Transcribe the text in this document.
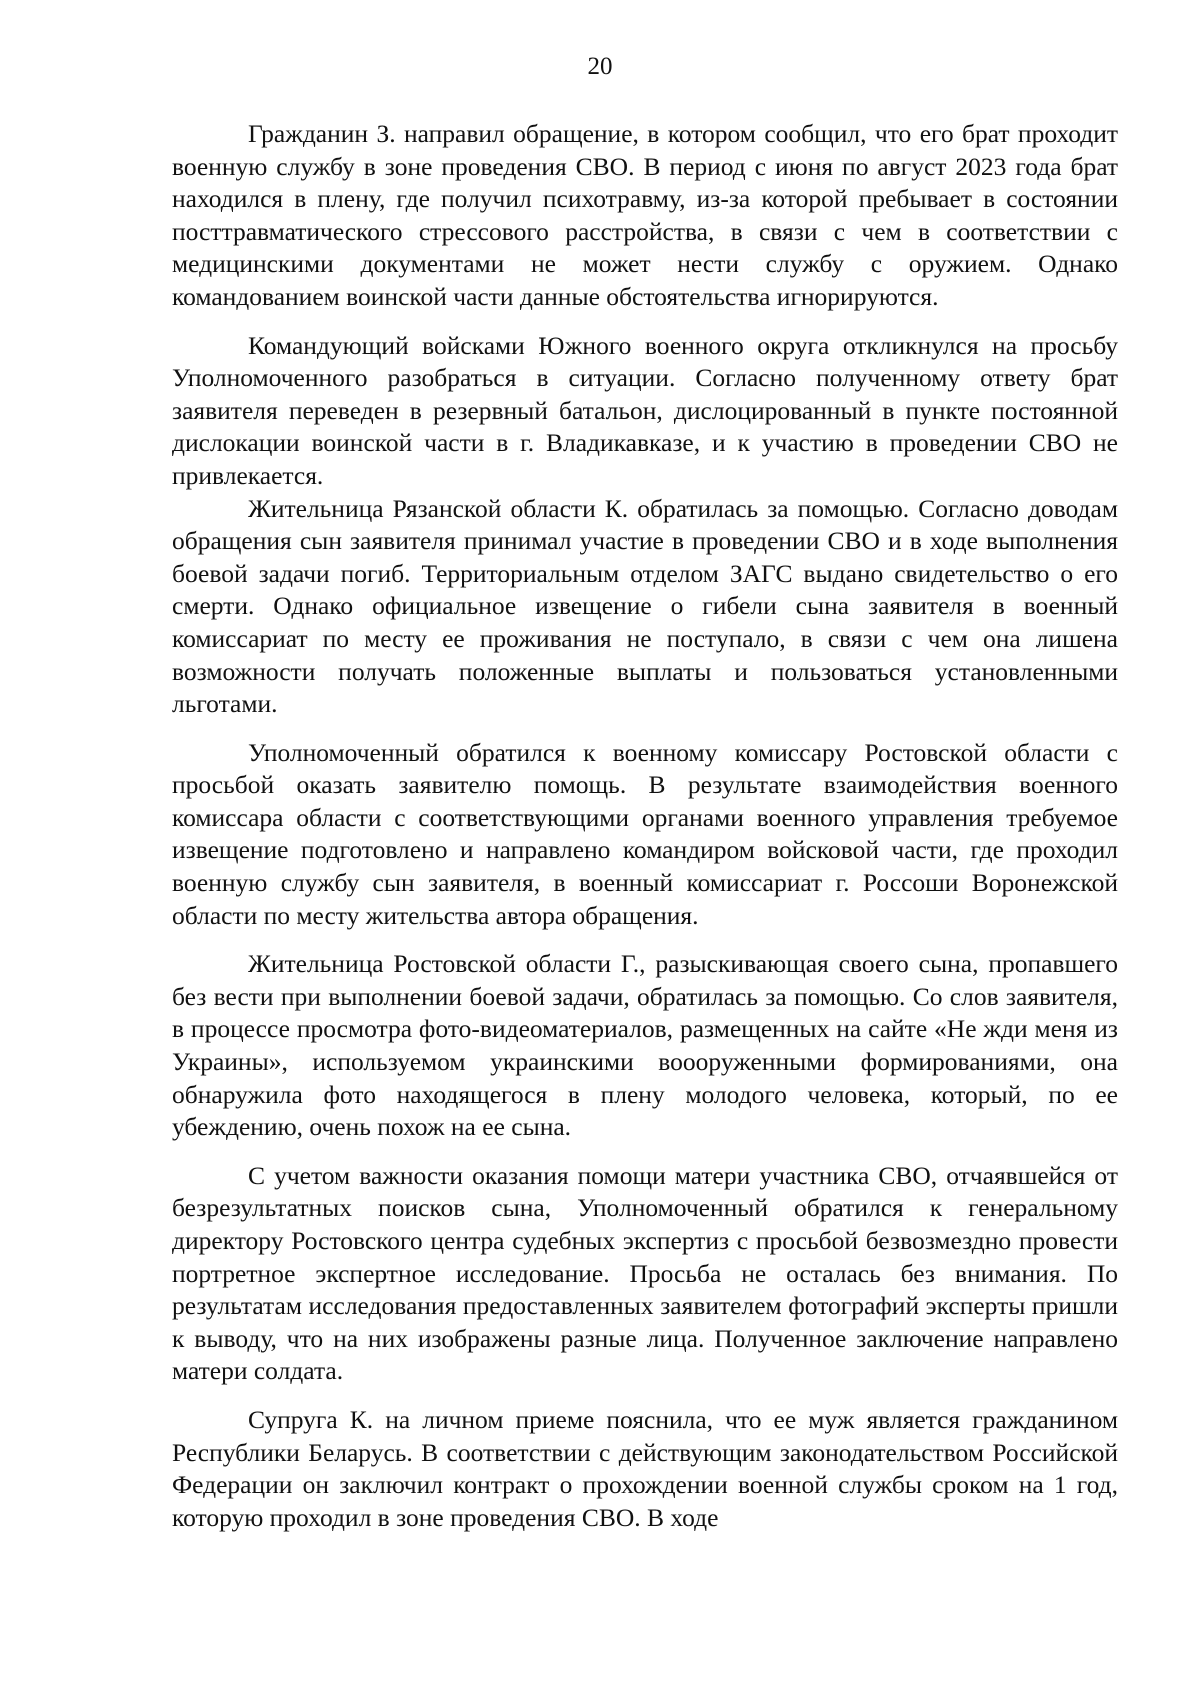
20

Гражданин З. направил обращение, в котором сообщил, что его брат проходит военную службу в зоне проведения СВО. В период с июня по август 2023 года брат находился в плену, где получил психотравму, из-за которой пребывает в состоянии посттравматического стрессового расстройства, в связи с чем в соответствии с медицинскими документами не может нести службу с оружием. Однако командованием воинской части данные обстоятельства игнорируются.

Командующий войсками Южного военного округа откликнулся на просьбу Уполномоченного разобраться в ситуации. Согласно полученному ответу брат заявителя переведен в резервный батальон, дислоцированный в пункте постоянной дислокации воинской части в г. Владикавказе, и к участию в проведении СВО не привлекается.

Жительница Рязанской области К. обратилась за помощью. Согласно доводам обращения сын заявителя принимал участие в проведении СВО и в ходе выполнения боевой задачи погиб. Территориальным отделом ЗАГС выдано свидетельство о его смерти. Однако официальное извещение о гибели сына заявителя в военный комиссариат по месту ее проживания не поступало, в связи с чем она лишена возможности получать положенные выплаты и пользоваться установленными льготами.

Уполномоченный обратился к военному комиссару Ростовской области с просьбой оказать заявителю помощь. В результате взаимодействия военного комиссара области с соответствующими органами военного управления требуемое извещение подготовлено и направлено командиром войсковой части, где проходил военную службу сын заявителя, в военный комиссариат г. Россоши Воронежской области по месту жительства автора обращения.

Жительница Ростовской области Г., разыскивающая своего сына, пропавшего без вести при выполнении боевой задачи, обратилась за помощью. Со слов заявителя, в процессе просмотра фото-видеоматериалов, размещенных на сайте «Не жди меня из Украины», используемом украинскими воооруженными формированиями, она обнаружила фото находящегося в плену молодого человека, который, по ее убеждению, очень похож на ее сына.

С учетом важности оказания помощи матери участника СВО, отчаявшейся от безрезультатных поисков сына, Уполномоченный обратился к генеральному директору Ростовского центра судебных экспертиз с просьбой безвозмездно провести портретное экспертное исследование. Просьба не осталась без внимания. По результатам исследования предоставленных заявителем фотографий эксперты пришли к выводу, что на них изображены разные лица. Полученное заключение направлено матери солдата.

Супруга К. на личном приеме пояснила, что ее муж является гражданином Республики Беларусь. В соответствии с действующим законодательством Российской Федерации он заключил контракт о прохождении военной службы сроком на 1 год, которую проходил в зоне проведения СВО. В ходе
